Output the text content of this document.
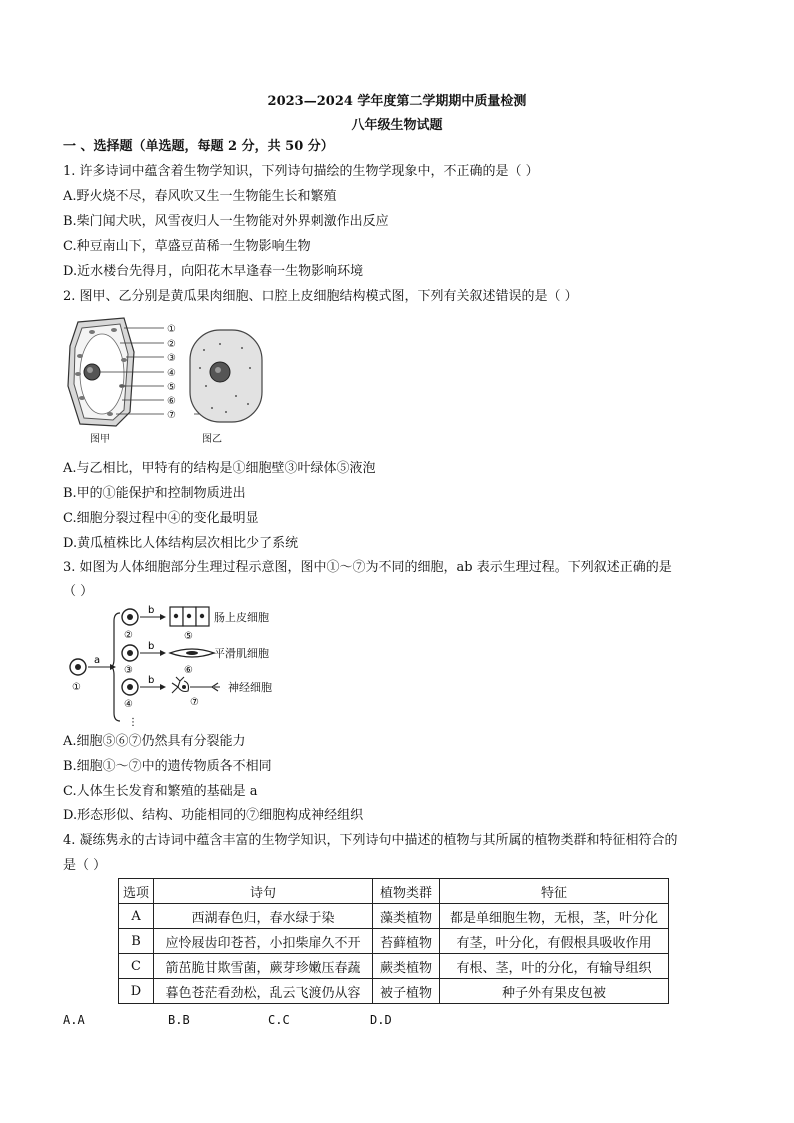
2023—2024 学年度第二学期期中质量检测
八年级生物试题
一 、选择题（单选题，每题 2 分，共 50 分）
1. 许多诗词中蕴含着生物学知识，下列诗句描绘的生物学现象中，不正确的是（ ）
A.野火烧不尽，春风吹又生一生物能生长和繁殖
B.柴门闻犬吠，风雪夜归人一生物能对外界刺激作出反应
C.种豆南山下，草盛豆苗稀一生物影响生物
D.近水楼台先得月，向阳花木早逢春一生物影响环境
2. 图甲、乙分别是黄瓜果肉细胞、口腔上皮细胞结构模式图，下列有关叙述错误的是（ ）
①
②
③
④
⑤
⑥
⑦
图甲	图乙
A.与乙相比，甲特有的结构是①细胞壁③叶绿体⑤液泡
B.甲的①能保护和控制物质进出
C.细胞分裂过程中④的变化最明显
D.黄瓜植株比人体结构层次相比少了系统
3. 如图为人体细胞部分生理过程示意图，图中①～⑦为不同的细胞，ab 表示生理过程。下列叙述正确的是
（ ）
①
a
②
③
④
⋮
b
b
b
⑤
⑥
⑦
肠上皮细胞
平滑肌细胞
神经细胞
A.细胞⑤⑥⑦仍然具有分裂能力
B.细胞①～⑦中的遗传物质各不相同
C.人体生长发育和繁殖的基础是 a
D.形态形似、结构、功能相同的⑦细胞构成神经组织
4. 凝练隽永的古诗词中蕴含丰富的生物学知识，下列诗句中描述的植物与其所属的植物类群和特征相符合的
是（ ）
选项	诗句	植物类群	特征
A	西湖春色归，春水绿于染	藻类植物	都是单细胞生物，无根，茎，叶分化
B	应怜屐齿印苍苔，小扣柴扉久不开	苔藓植物	有茎，叶分化，有假根具吸收作用
C	箭茁脆甘欺雪菌，蕨芽珍嫩压春蔬	蕨类植物	有根、茎，叶的分化，有输导组织
D	暮色苍茫看劲松，乱云飞渡仍从容	被子植物	种子外有果皮包被
A.A	B.B	C.C	D.D
